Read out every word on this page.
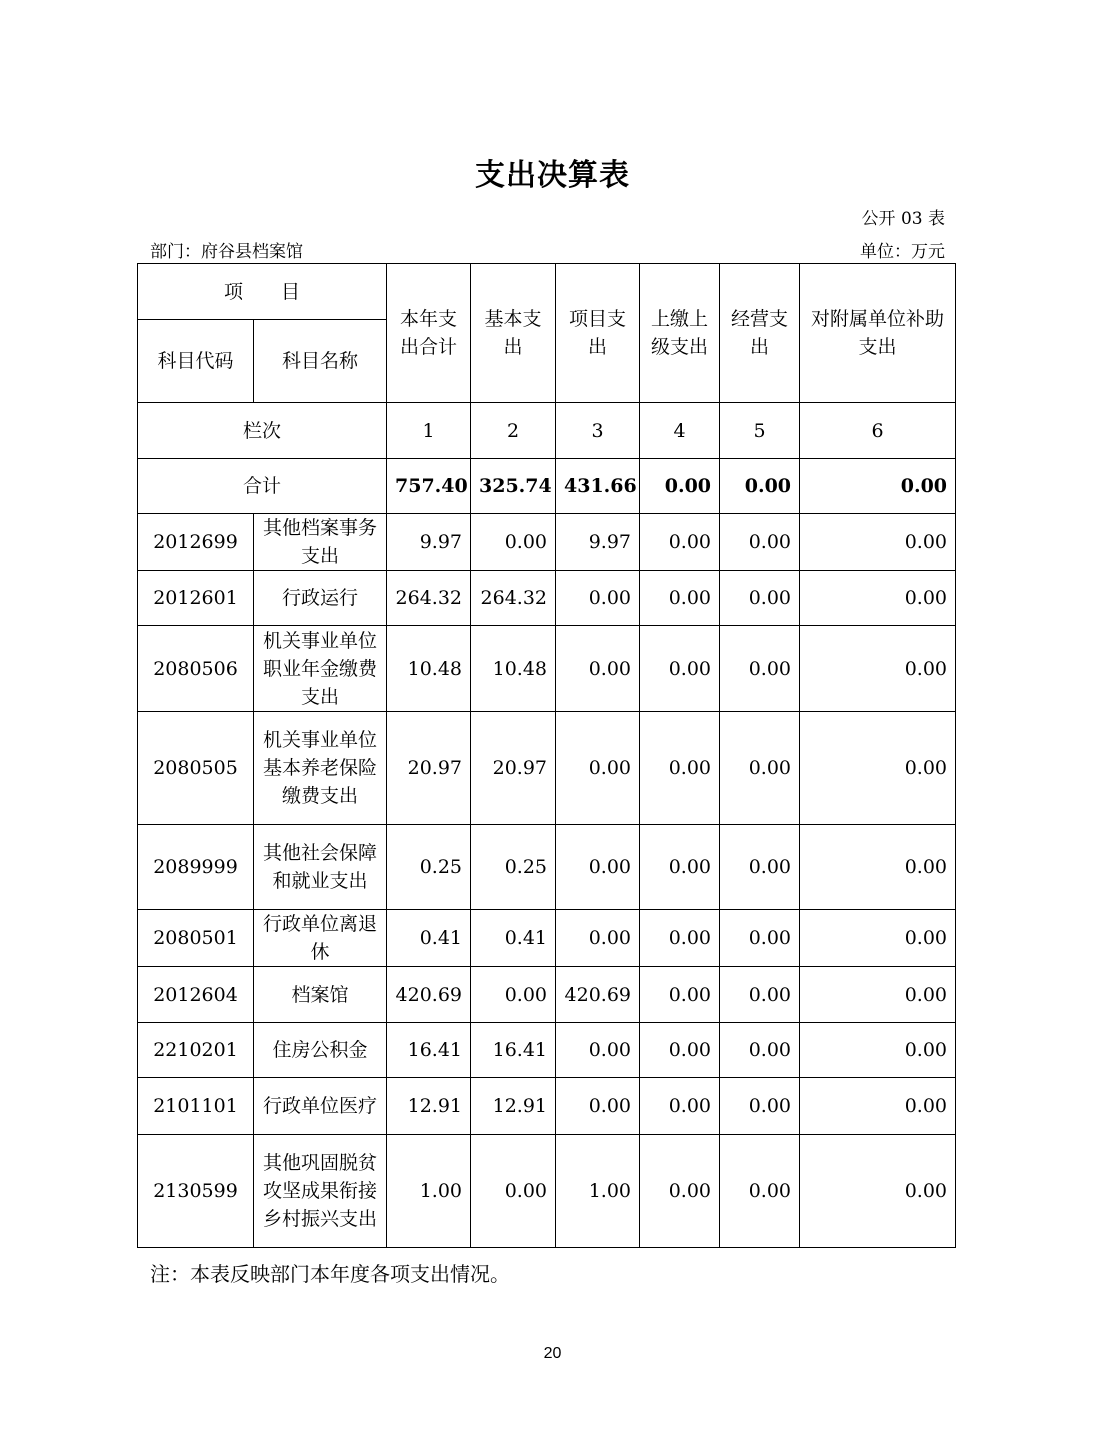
支出决算表
公开 03 表
部门：府谷县档案馆	单位：万元
项　　目		本年支出合计	基本支出	项目支出	上缴上级支出	经营支出	对附属单位补助支出
科目代码	科目名称						
栏次		1	2	3	4	5	6
合计		757.40	325.74	431.66	0.00	0.00	0.00
2012699	其他档案事务支出	9.97	0.00	9.97	0.00	0.00	0.00
2012601	行政运行	264.32	264.32	0.00	0.00	0.00	0.00
2080506	机关事业单位职业年金缴费支出	10.48	10.48	0.00	0.00	0.00	0.00
2080505	机关事业单位基本养老保险缴费支出	20.97	20.97	0.00	0.00	0.00	0.00
2089999	其他社会保障和就业支出	0.25	0.25	0.00	0.00	0.00	0.00
2080501	行政单位离退休	0.41	0.41	0.00	0.00	0.00	0.00
2012604	档案馆	420.69	0.00	420.69	0.00	0.00	0.00
2210201	住房公积金	16.41	16.41	0.00	0.00	0.00	0.00
2101101	行政单位医疗	12.91	12.91	0.00	0.00	0.00	0.00
2130599	其他巩固脱贫攻坚成果衔接乡村振兴支出	1.00	0.00	1.00	0.00	0.00	0.00
注：本表反映部门本年度各项支出情况。
20
